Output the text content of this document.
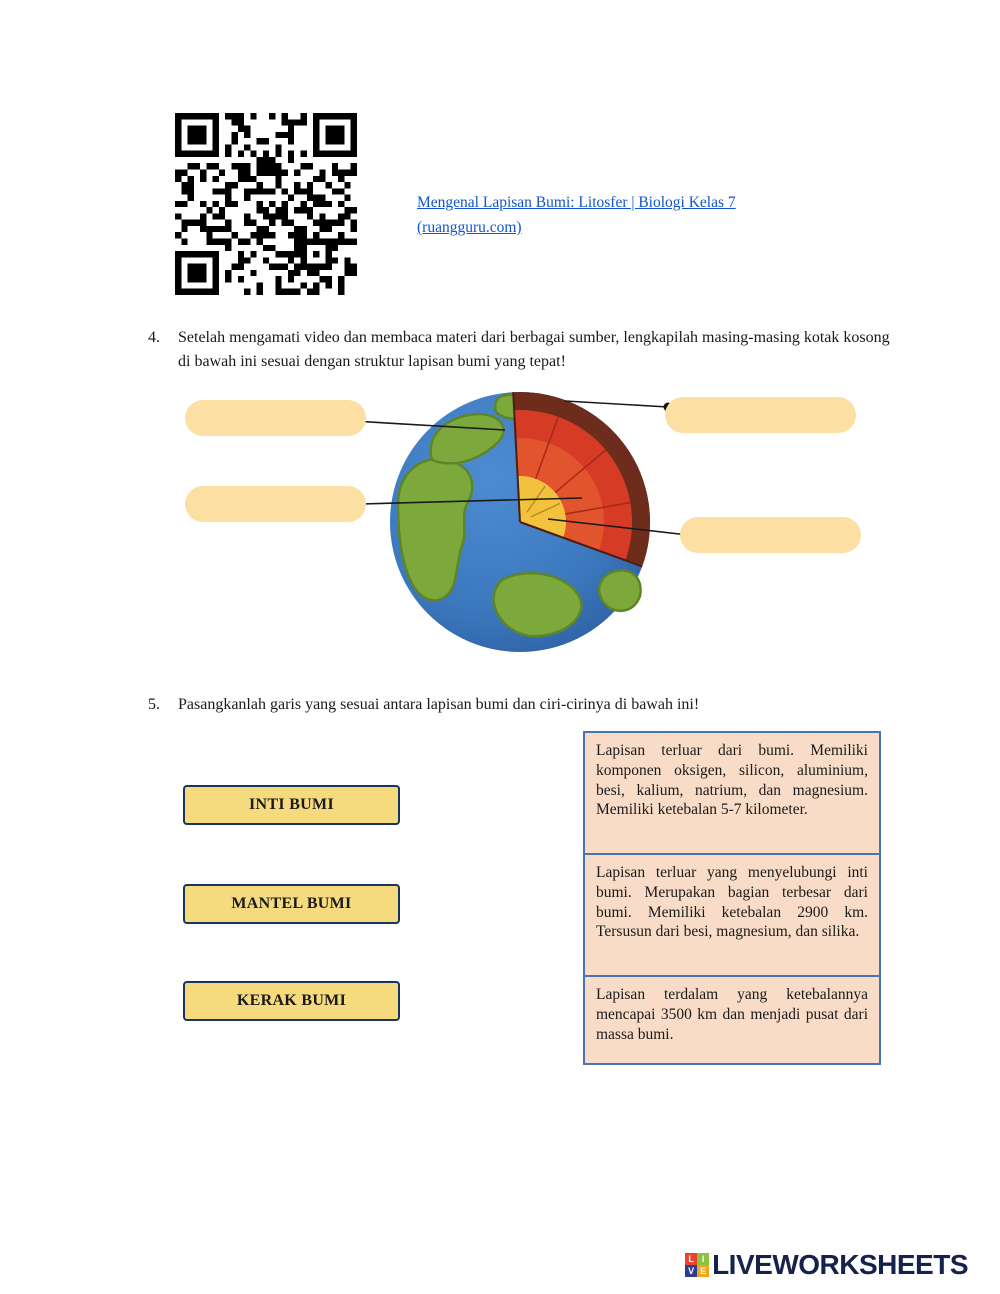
Mengenal Lapisan Bumi: Litosfer | Biologi Kelas 7
(ruangguru.com)
4.	Setelah mengamati video dan membaca materi dari berbagai sumber, lengkapilah masing-masing kotak kosong di bawah ini sesuai dengan struktur lapisan bumi yang tepat!
5.	Pasangkanlah garis yang sesuai antara lapisan bumi dan ciri-cirinya di bawah ini!
INTI BUMI
MANTEL BUMI
KERAK BUMI
Lapisan terluar dari bumi. Memiliki komponen oksigen, silicon, aluminium, besi, kalium, natrium, dan magnesium. Memiliki ketebalan 5-7 kilometer.
Lapisan terluar yang menyelubungi inti bumi. Merupakan bagian terbesar dari bumi. Memiliki ketebalan 2900 km. Tersusun dari besi, magnesium, dan silika.
Lapisan terdalam yang ketebalannya mencapai 3500 km dan menjadi pusat dari massa bumi.
L I
V E LIVEWORKSHEETS
